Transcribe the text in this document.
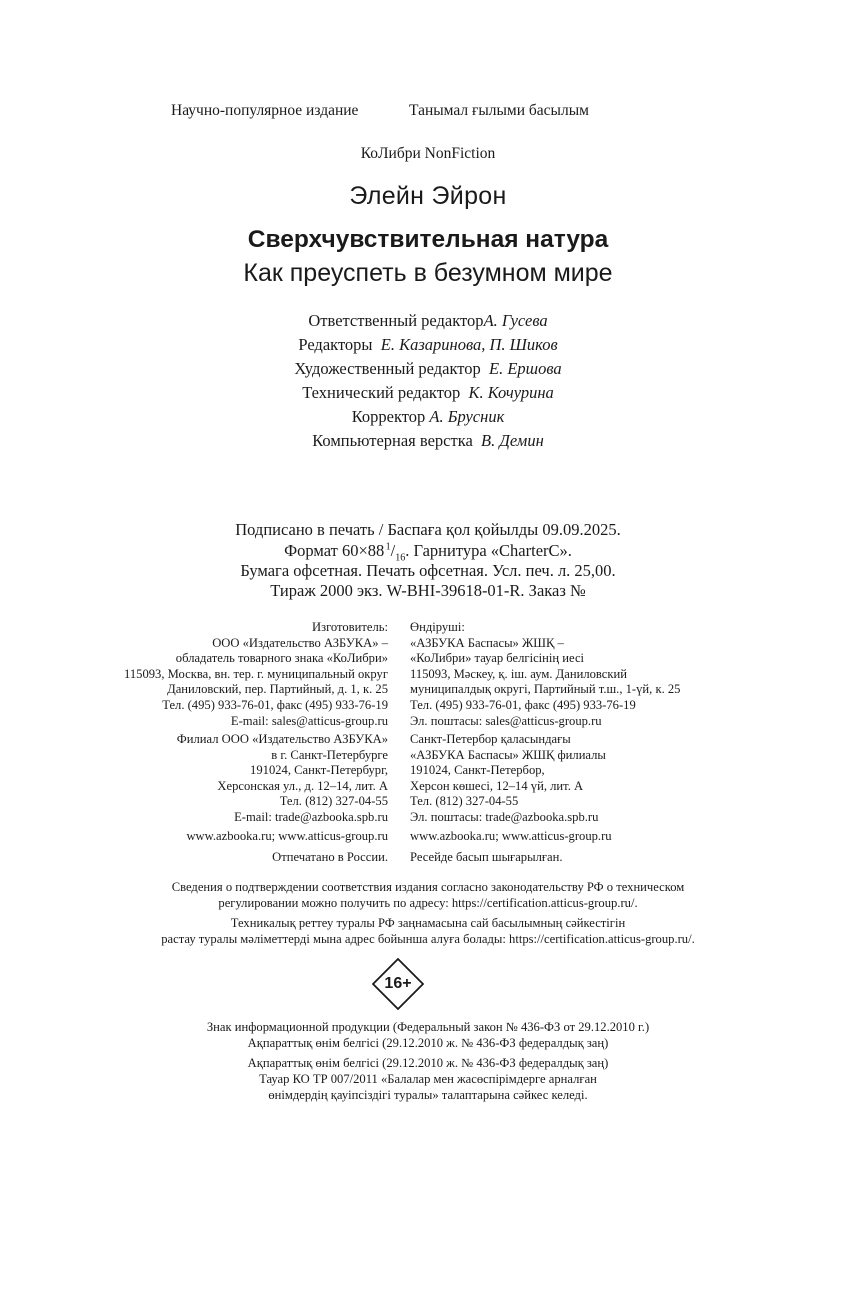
Научно-популярное издание	Танымал ғылыми басылым
КоЛибри NonFiction
Элейн Эйрон
Сверхчувствительная натура
Как преуспеть в безумном мире
Ответственный редакторА. Гусева
Редакторы Е. Казаринова, П. Шиков
Художественный редактор Е. Ершова
Технический редактор К. Кочурина
Корректор А. Брусник
Компьютерная верстка В. Демин
Подписано в печать / Баспаға қол қойылды 09.09.2025.
Формат 60×88 $^1/_{16}$. Гарнитура «CharterC».
Бумага офсетная. Печать офсетная. Усл. печ. л. 25,00.
Тираж 2000 экз. W-BHI-39618-01-R. Заказ №
Изготовитель:
ООО «Издательство АЗБУКА» –
обладатель товарного знака «КоЛибри»
115093, Москва, вн. тер. г. муниципальный округ
Даниловский, пер. Партийный, д. 1, к. 25
Тел. (495) 933-76-01, факс (495) 933-76-19
E-mail: sales@atticus-group.ru
Өндіруші:
«АЗБУКА Баспасы» ЖШҚ –
«КоЛибри» тауар белгісінің иесі
115093, Мәскеу, қ. іш. аум. Даниловский
муниципалдық округі, Партийный т.ш., 1-үй, к. 25
Тел. (495) 933-76-01, факс (495) 933-76-19
Эл. поштасы: sales@atticus-group.ru
Филиал ООО «Издательство АЗБУКА»
в г. Санкт-Петербурге
191024, Санкт-Петербург,
Херсонская ул., д. 12–14, лит. А
Тел. (812) 327-04-55
E-mail: trade@azbooka.spb.ru
Санкт-Петербор қаласындағы
«АЗБУКА Баспасы» ЖШҚ филиалы
191024, Санкт-Петербор,
Херсон көшесі, 12–14 үй, лит. А
Тел. (812) 327-04-55
Эл. поштасы: trade@azbooka.spb.ru
www.azbooka.ru; www.atticus-group.ru www.azbooka.ru; www.atticus-group.ru
Отпечатано в России. Ресейде басып шығарылған.
Сведения о подтверждении соответствия издания согласно законодательству РФ о техническом
регулировании можно получить по адресу: https://certification.atticus-group.ru/.
Техникалық реттеу туралы РФ заңнамасына сай басылымның сәйкестігін
растау туралы мәліметтерді мына адрес бойынша алуға болады: https://certification.atticus-group.ru/.
16+
Знак информационной продукции (Федеральный закон № 436-ФЗ от 29.12.2010 г.)
Ақпараттық өнім белгісі (29.12.2010 ж. № 436-ФЗ федералдық заң)
Ақпараттық өнім белгісі (29.12.2010 ж. № 436-ФЗ федералдық заң)
Тауар КО ТР 007/2011 «Балалар мен жасөспірімдерге арналған
өнімдердің қауіпсіздігі туралы» талаптарына сәйкес келеді.
